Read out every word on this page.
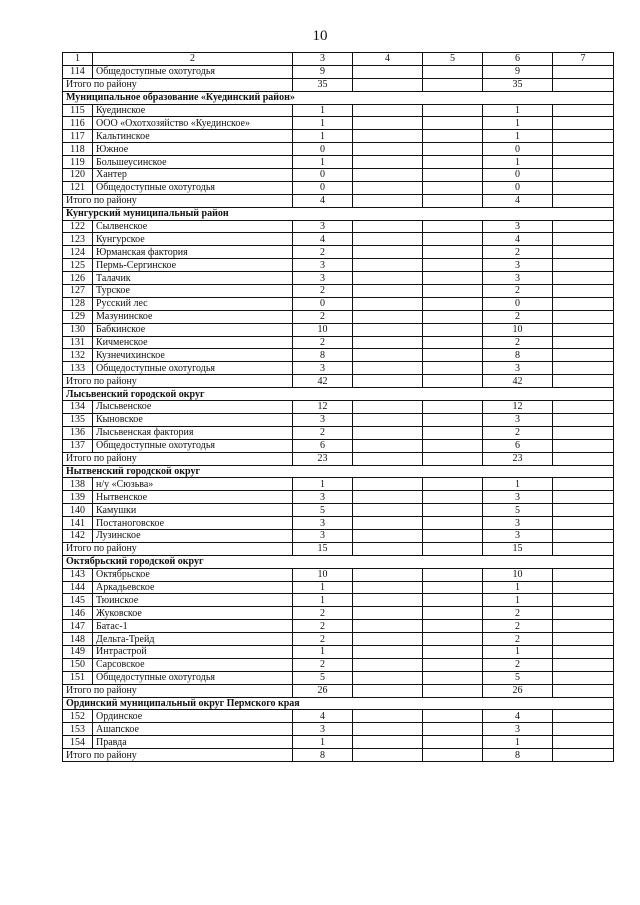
10
1	2	3	4	5	6	7
114	Общедоступные охотугодья	9			9	
Итого по району		35			35	
Муниципальное образование «Куединский район»						
115	Куединское	1			1	
116	ООО «Охотхозяйство «Куединское»	1			1	
117	Кальтинское	1			1	
118	Южное	0			0	
119	Большеусинское	1			1	
120	Хантер	0			0	
121	Общедоступные охотугодья	0			0	
Итого по району		4			4	
Кунгурский муниципальный район						
122	Сылвенское	3			3	
123	Кунгурское	4			4	
124	Юрманская фактория	2			2	
125	Пермь-Сергинское	3			3	
126	Талачик	3			3	
127	Турское	2			2	
128	Русский лес	0			0	
129	Мазунинское	2			2	
130	Бабкинское	10			10	
131	Кичменское	2			2	
132	Кузнечихинское	8			8	
133	Общедоступные охотугодья	3			3	
Итого по району		42			42	
Лысьвенский городской округ						
134	Лысьвенское	12			12	
135	Кыновское	3			3	
136	Лысьвенская фактория	2			2	
137	Общедоступные охотугодья	6			6	
Итого по району		23			23	
Нытвенский городской округ						
138	н/у «Сюзьва»	1			1	
139	Нытвенское	3			3	
140	Камушки	5			5	
141	Постаноговское	3			3	
142	Лузинское	3			3	
Итого по району		15			15	
Октябрьский городской округ						
143	Октябрьское	10			10	
144	Аркадьевское	1			1	
145	Тюинское	1			1	
146	Жуковское	2			2	
147	Батас-1	2			2	
148	Дельта-Трейд	2			2	
149	Интрастрой	1			1	
150	Сарсовское	2			2	
151	Общедоступные охотугодья	5			5	
Итого по району		26			26	
Ординский муниципальный округ Пермского края						
152	Ординское	4			4	
153	Ашапское	3			3	
154	Правда	1			1	
Итого по району		8			8	
